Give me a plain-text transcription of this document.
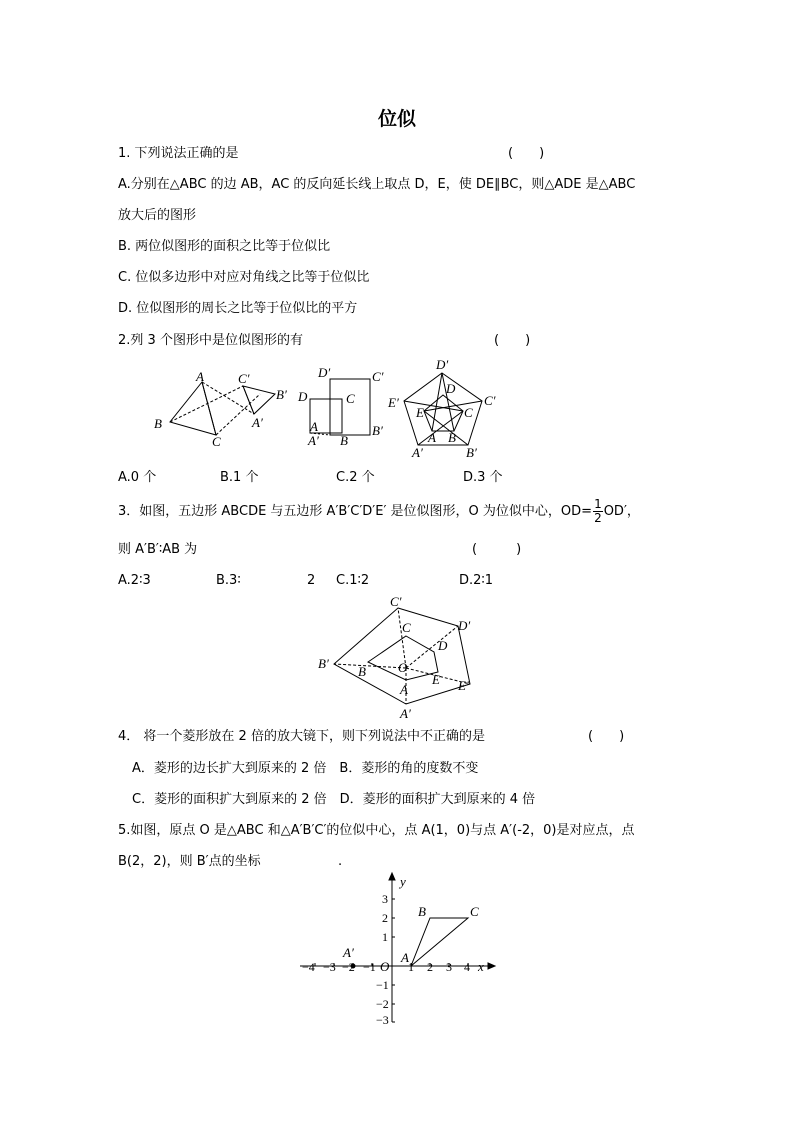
位似
1. 下列说法正确的是	(　　)
A.分别在△ABC 的边 AB，AC 的反向延长线上取点 D，E，使 DE∥BC，则△ADE 是△ABC
放大后的图形
B. 两位似图形的面积之比等于位似比
C. 位似多边形中对应对角线之比等于位似比
D. 位似图形的周长之比等于位似比的平方
2.列 3 个图形中是位似图形的有	(　　)
A
B
C
C′
B′
A′
D′	C′
D	C
A
A′ B
B′
D′
D
C′
E′
E	C
A B
A′	B′
A.0 个	B.1 个	C.2 个	D.3 个
3．如图，五边形 ABCDE 与五边形 A′B′C′D′E′ 是位似图形，O 为位似中心，$OD= \frac{1}{2} OD'$，
则 A′B′∶AB 为	(　　　)
A.2∶3	B.3∶	2 C.1∶2	D.2∶1
C′
C	D′
D
B′
B O
E E′
A
A′
4． 将一个菱形放在 2 倍的放大镜下，则下列说法中不正确的是	(　　)
A．菱形的边长扩大到原来的 2 倍　B．菱形的角的度数不变
C．菱形的面积扩大到原来的 2 倍　D．菱形的面积扩大到原来的 4 倍
5.如图，原点 O 是△ABC 和△A′B′C′的位似中心，点 A(1，0)与点 A′(-2，0)是对应点，点
B(2，2)，则 B′点的坐标	.
y
x
O
−4 −3 −2 −1	1 2 3 4
3
2
1
−1
−2
−3
A
B	C
A′
